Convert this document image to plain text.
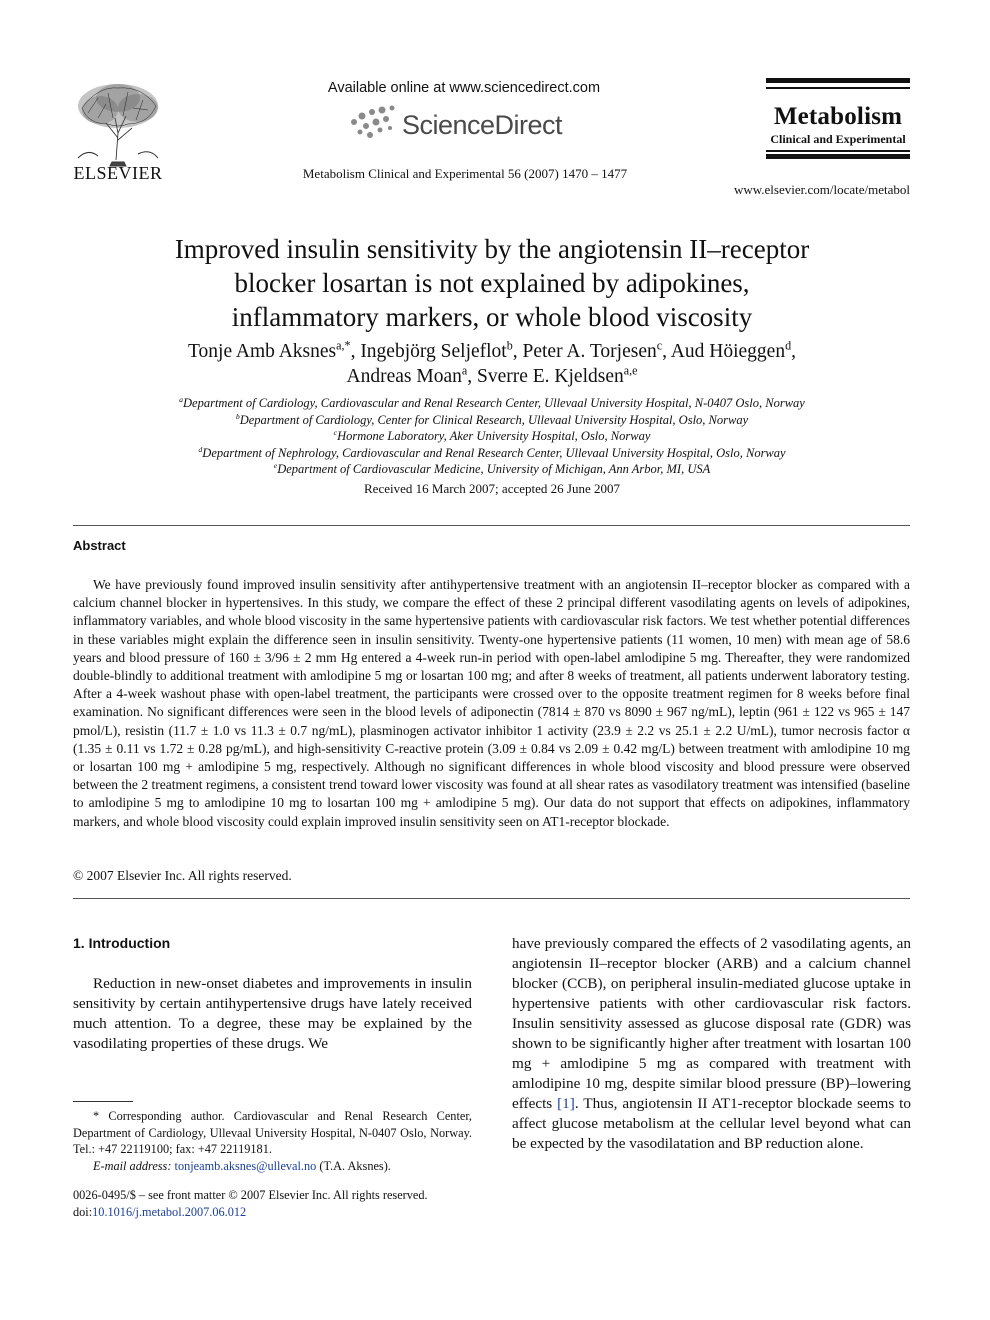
ELSEVIER
Available online at www.sciencedirect.com
ScienceDirect
Metabolism Clinical and Experimental 56 (2007) 1470 – 1477
Metabolism
Clinical and Experimental
www.elsevier.com/locate/metabol
Improved insulin sensitivity by the angiotensin II–receptor
blocker losartan is not explained by adipokines,
inflammatory markers, or whole blood viscosity
Tonje Amb Aksnes$^{a,*}$, Ingebjörg Seljeflot$^b$, Peter A. Torjesen$^c$, Aud Höieggen$^d$,
Andreas Moan$^a$, Sverre E. Kjeldsen$^{a,e}$
$^a$Department of Cardiology, Cardiovascular and Renal Research Center, Ullevaal University Hospital, N-0407 Oslo, Norway
$^b$Department of Cardiology, Center for Clinical Research, Ullevaal University Hospital, Oslo, Norway
$^c$Hormone Laboratory, Aker University Hospital, Oslo, Norway
$^d$Department of Nephrology, Cardiovascular and Renal Research Center, Ullevaal University Hospital, Oslo, Norway
$^e$Department of Cardiovascular Medicine, University of Michigan, Ann Arbor, MI, USA
Received 16 March 2007; accepted 26 June 2007
Abstract
We have previously found improved insulin sensitivity after antihypertensive treatment with an angiotensin II–receptor blocker as compared with a calcium channel blocker in hypertensives. In this study, we compare the effect of these 2 principal different vasodilating agents on levels of adipokines, inflammatory variables, and whole blood viscosity in the same hypertensive patients with cardiovascular risk factors. We test whether potential differences in these variables might explain the difference seen in insulin sensitivity. Twenty-one hypertensive patients (11 women, 10 men) with mean age of 58.6 years and blood pressure of 160 ± 3/96 ± 2 mm Hg entered a 4-week run-in period with open-label amlodipine 5 mg. Thereafter, they were randomized double-blindly to additional treatment with amlodipine 5 mg or losartan 100 mg; and after 8 weeks of treatment, all patients underwent laboratory testing. After a 4-week washout phase with open-label treatment, the participants were crossed over to the opposite treatment regimen for 8 weeks before final examination. No significant differences were seen in the blood levels of adiponectin (7814 ± 870 vs 8090 ± 967 ng/mL), leptin (961 ± 122 vs 965 ± 147 pmol/L), resistin (11.7 ± 1.0 vs 11.3 ± 0.7 ng/mL), plasminogen activator inhibitor 1 activity (23.9 ± 2.2 vs 25.1 ± 2.2 U/mL), tumor necrosis factor α (1.35 ± 0.11 vs 1.72 ± 0.28 pg/mL), and high-sensitivity C-reactive protein (3.09 ± 0.84 vs 2.09 ± 0.42 mg/L) between treatment with amlodipine 10 mg or losartan 100 mg + amlodipine 5 mg, respectively. Although no significant differences in whole blood viscosity and blood pressure were observed between the 2 treatment regimens, a consistent trend toward lower viscosity was found at all shear rates as vasodilatory treatment was intensified (baseline to amlodipine 5 mg to amlodipine 10 mg to losartan 100 mg + amlodipine 5 mg). Our data do not support that effects on adipokines, inflammatory markers, and whole blood viscosity could explain improved insulin sensitivity seen on AT1-receptor blockade.
© 2007 Elsevier Inc. All rights reserved.
1. Introduction
Reduction in new-onset diabetes and improvements in insulin sensitivity by certain antihypertensive drugs have lately received much attention. To a degree, these may be explained by the vasodilating properties of these drugs. We
have previously compared the effects of 2 vasodilating agents, an angiotensin II–receptor blocker (ARB) and a calcium channel blocker (CCB), on peripheral insulin-mediated glucose uptake in hypertensive patients with other cardiovascular risk factors. Insulin sensitivity assessed as glucose disposal rate (GDR) was shown to be significantly higher after treatment with losartan 100 mg + amlodipine 5 mg as compared with treatment with amlodipine 10 mg, despite similar blood pressure (BP)–lowering effects [1]. Thus, angiotensin II AT1-receptor blockade seems to affect glucose metabolism at the cellular level beyond what can be expected by the vasodilatation and BP reduction alone.
* Corresponding author. Cardiovascular and Renal Research Center, Department of Cardiology, Ullevaal University Hospital, N-0407 Oslo, Norway. Tel.: +47 22119100; fax: +47 22119181.
E-mail address: tonjeamb.aksnes@ulleval.no (T.A. Aksnes).
0026-0495/$ – see front matter © 2007 Elsevier Inc. All rights reserved.
doi:10.1016/j.metabol.2007.06.012
